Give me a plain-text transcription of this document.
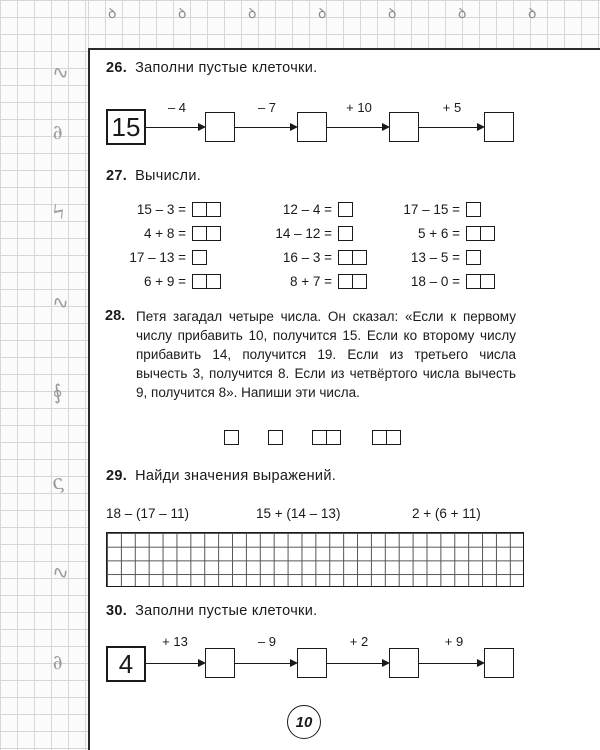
∿
∂
ϟ
∿
∮
ς
∿
∂
ꝺ	ꝺ	ꝺ	ꝺ	ꝺ	ꝺ	ꝺ
26. Заполни пустые клеточки.
15
– 4	– 7	+ 10	+ 5
27. Вычисли.
15 – 3 =	12 – 4 =	17 – 15 =
4 + 8 =	14 – 12 =	5 + 6 =
17 – 13 =	16 – 3 =	13 – 5 =
6 + 9 =	8 + 7 =	18 – 0 =
28. Петя загадал четыре числа. Он сказал: «Если к первому числу прибавить 10, получится 15. Если ко второму числу прибавить 14, получится 19. Если из третьего числа вычесть 3, получится 8. Если из четвёртого числа вычесть 9, получится 8». Напиши эти числа.
29. Найди значения выражений.
18 – (17 – 11)	15 + (14 – 13)	2 + (6 + 11)
30. Заполни пустые клеточки.
4
+ 13	– 9	+ 2	+ 9
10
